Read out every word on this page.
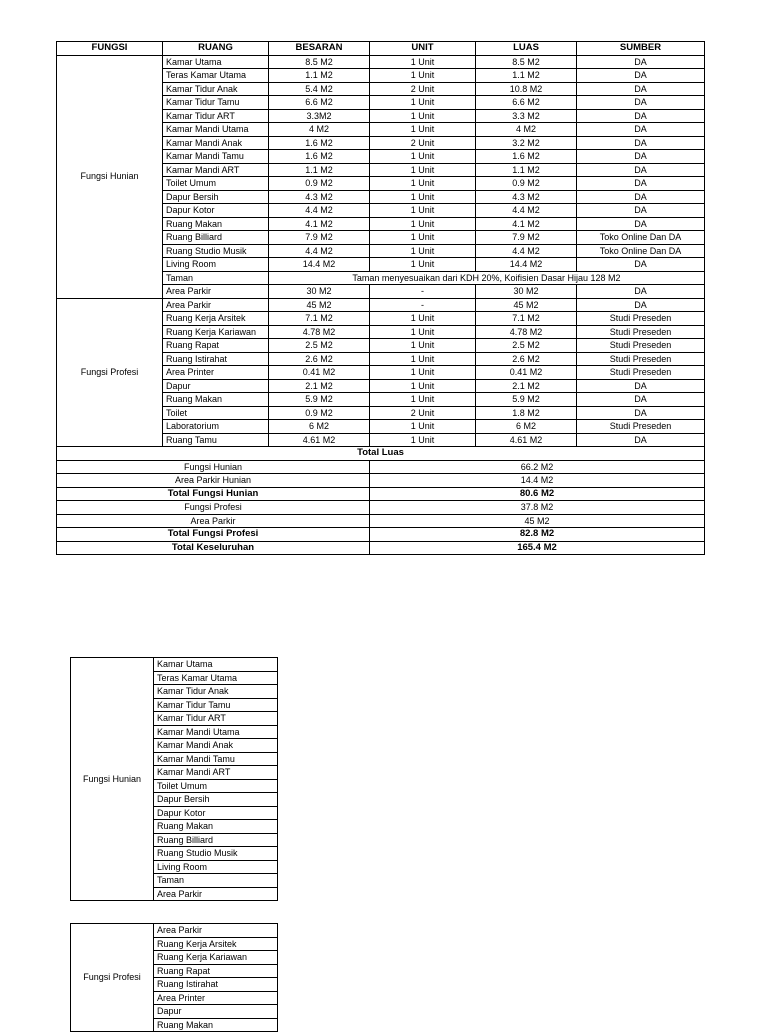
FUNGSI	RUANG	BESARAN	UNIT	LUAS	SUMBER
Fungsi Hunian	Kamar Utama	8.5 M2	1 Unit	8.5 M2	DA
	Teras Kamar Utama	1.1 M2	1 Unit	1.1 M2	DA
	Kamar Tidur Anak	5.4 M2	2 Unit	10.8 M2	DA
	Kamar Tidur Tamu	6.6 M2	1 Unit	6.6 M2	DA
	Kamar Tidur ART	3.3M2	1 Unit	3.3 M2	DA
	Kamar Mandi Utama	4 M2	1 Unit	4 M2	DA
	Kamar Mandi Anak	1.6 M2	2 Unit	3.2 M2	DA
	Kamar Mandi Tamu	1.6 M2	1 Unit	1.6 M2	DA
	Kamar Mandi ART	1.1 M2	1 Unit	1.1 M2	DA
	Toilet Umum	0.9 M2	1 Unit	0.9 M2	DA
	Dapur Bersih	4.3 M2	1 Unit	4.3 M2	DA
	Dapur Kotor	4.4 M2	1 Unit	4.4 M2	DA
	Ruang Makan	4.1 M2	1 Unit	4.1 M2	DA
	Ruang Billiard	7.9 M2	1 Unit	7.9 M2	Toko Online Dan DA
	Ruang Studio Musik	4.4 M2	1 Unit	4.4 M2	Toko Online Dan DA
	Living Room	14.4 M2	1 Unit	14.4 M2	DA
	Taman	Taman menyesuaikan dari KDH 20%, Koifisien Dasar Hijau 128 M2			
	Area Parkir	30 M2	-	30 M2	DA
Fungsi Profesi	Area Parkir	45 M2	-	45 M2	DA
	Ruang Kerja Arsitek	7.1 M2	1 Unit	7.1 M2	Studi Preseden
	Ruang Kerja Kariawan	4.78 M2	1 Unit	4.78 M2	Studi Preseden
	Ruang Rapat	2.5 M2	1 Unit	2.5 M2	Studi Preseden
	Ruang Istirahat	2.6 M2	1 Unit	2.6 M2	Studi Preseden
	Area Printer	0.41 M2	1 Unit	0.41 M2	Studi Preseden
	Dapur	2.1 M2	1 Unit	2.1 M2	DA
	Ruang Makan	5.9 M2	1 Unit	5.9 M2	DA
	Toilet	0.9 M2	2 Unit	1.8 M2	DA
	Laboratorium	6 M2	1 Unit	6 M2	Studi Preseden
	Ruang Tamu	4.61 M2	1 Unit	4.61 M2	DA
Total Luas					
Fungsi Hunian			66.2 M2		
Area Parkir Hunian			14.4 M2		
Total Fungsi Hunian			80.6 M2		
Fungsi Profesi			37.8 M2		
Area Parkir			45 M2		
Total Fungsi Profesi			82.8 M2		
Total Keseluruhan			165.4 M2		
Fungsi Hunian	Kamar Utama
Teras Kamar Utama
Kamar Tidur Anak
Kamar Tidur Tamu
Kamar Tidur ART
Kamar Mandi Utama
Kamar Mandi Anak
Kamar Mandi Tamu
Kamar Mandi ART
Toilet Umum
Dapur Bersih
Dapur Kotor
Ruang Makan
Ruang Billiard
Ruang Studio Musik
Living Room
Taman
Area Parkir
Fungsi Profesi	Area Parkir
Ruang Kerja Arsitek
Ruang Kerja Kariawan
Ruang Rapat
Ruang Istirahat
Area Printer
Dapur
Ruang Makan
